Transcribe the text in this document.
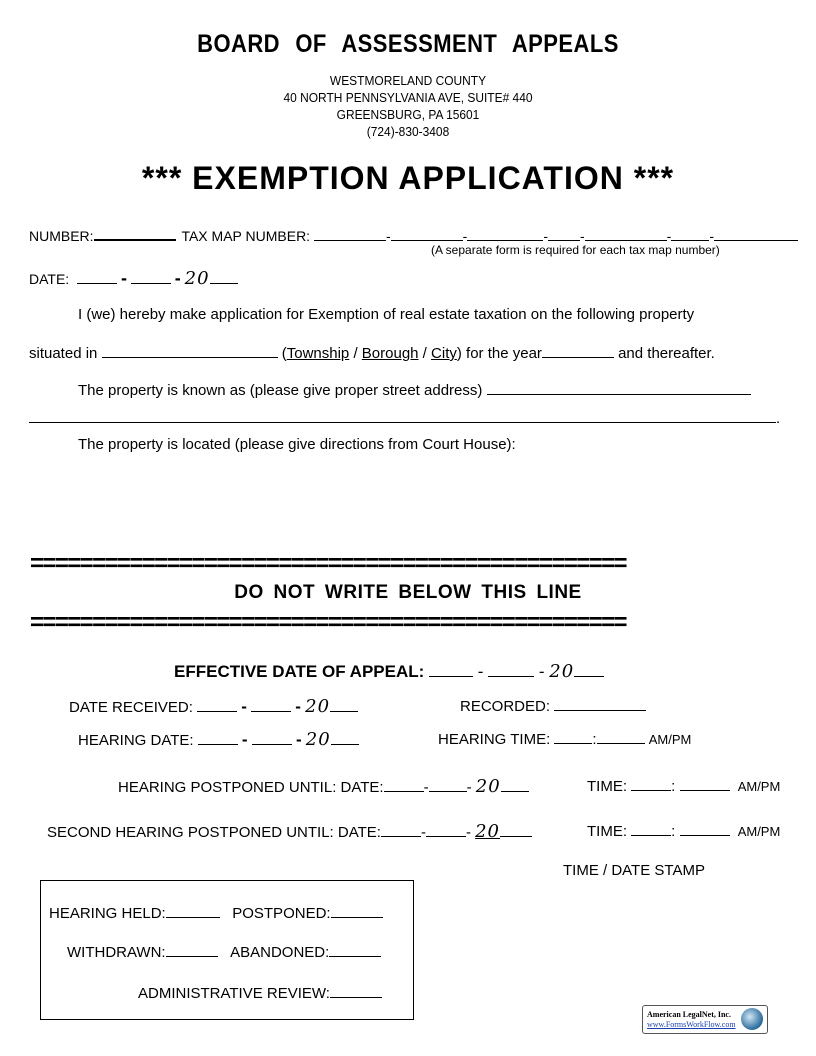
BOARD OF ASSESSMENT APPEALS
WESTMORELAND COUNTY
40 NORTH PENNSYLVANIA AVE, SUITE# 440
GREENSBURG, PA 15601
(724)-830-3408
*** EXEMPTION APPLICATION ***
NUMBER:	TAX MAP NUMBER:	-	-	- -	-	-
(A separate form is required for each tax map number)
DATE:	-	- 20
I (we) hereby make application for Exemption of real estate taxation on the following property
situated in	(Township / Borough / City) for the year	and thereafter.
The property is known as (please give proper street address)
.
The property is located (please give directions from Court House):
================================================
DO NOT WRITE BELOW THIS LINE
================================================
EFFECTIVE DATE OF APPEAL:	-	- 20
DATE RECEIVED:	-	- 20	RECORDED:
HEARING DATE:	-	- 20	HEARING TIME:	:	AM/PM
HEARING POSTPONED UNTIL: DATE:	-	- 20	TIME:	:	AM/PM
SECOND HEARING POSTPONED UNTIL: DATE:	-	- 20	TIME:	:	AM/PM
TIME / DATE STAMP
HEARING HELD:	POSTPONED:
WITHDRAWN:	ABANDONED:
ADMINISTRATIVE REVIEW:
American LegalNet, Inc.
www.FormsWorkFlow.com
